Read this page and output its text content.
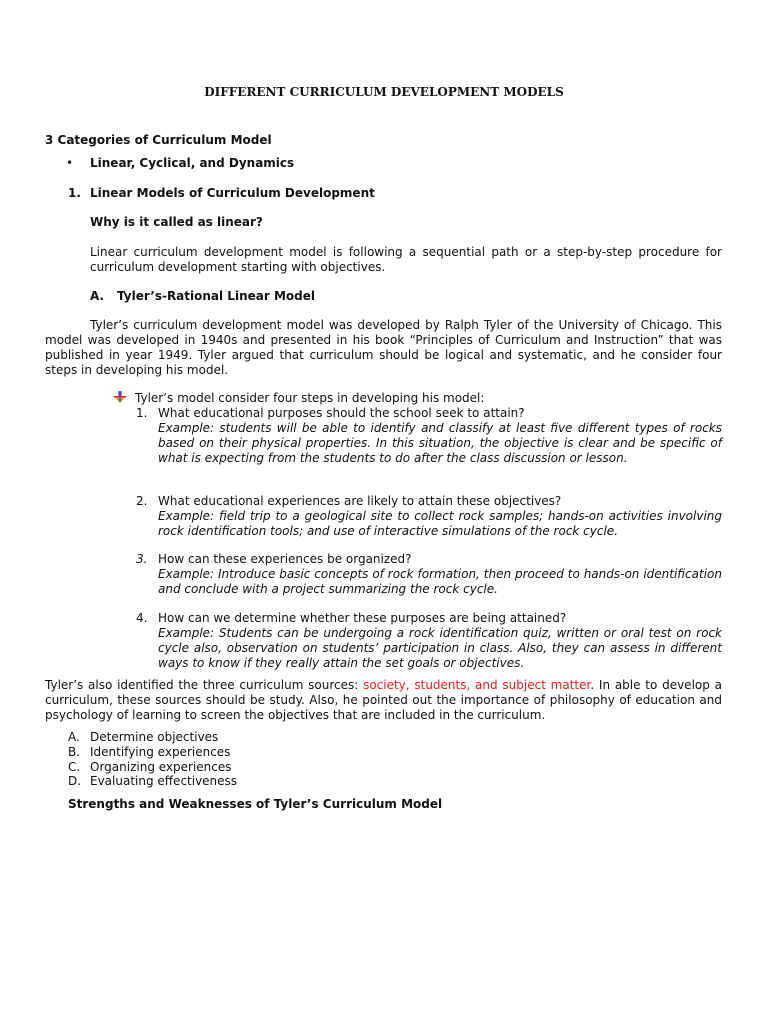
DIFFERENT CURRICULUM DEVELOPMENT MODELS
3 Categories of Curriculum Model
• Linear, Cyclical, and Dynamics
1. Linear Models of Curriculum Development
Why is it called as linear?
Linear curriculum development model is following a sequential path or a step-by-step procedure for curriculum development starting with objectives.
A. Tyler’s-Rational Linear Model
Tyler’s curriculum development model was developed by Ralph Tyler of the University of Chicago. This model was developed in 1940s and presented in his book “Principles of Curriculum and Instruction” that was published in year 1949. Tyler argued that curriculum should be logical and systematic, and he consider four steps in developing his model.
Tyler’s model consider four steps in developing his model:
1. What educational purposes should the school seek to attain?
Example: students will be able to identify and classify at least five different types of rocks based on their physical properties. In this situation, the objective is clear and be specific of what is expecting from the students to do after the class discussion or lesson.
2. What educational experiences are likely to attain these objectives?
Example: field trip to a geological site to collect rock samples; hands-on activities involving rock identification tools; and use of interactive simulations of the rock cycle.
3. How can these experiences be organized?
Example: Introduce basic concepts of rock formation, then proceed to hands-on identification and conclude with a project summarizing the rock cycle.
4. How can we determine whether these purposes are being attained?
Example: Students can be undergoing a rock identification quiz, written or oral test on rock cycle also, observation on students’ participation in class. Also, they can assess in different ways to know if they really attain the set goals or objectives.
Tyler’s also identified the three curriculum sources: society, students, and subject matter. In able to develop a curriculum, these sources should be study. Also, he pointed out the importance of philosophy of education and psychology of learning to screen the objectives that are included in the curriculum.
A. Determine objectives
B. Identifying experiences
C. Organizing experiences
D. Evaluating effectiveness
Strengths and Weaknesses of Tyler’s Curriculum Model
